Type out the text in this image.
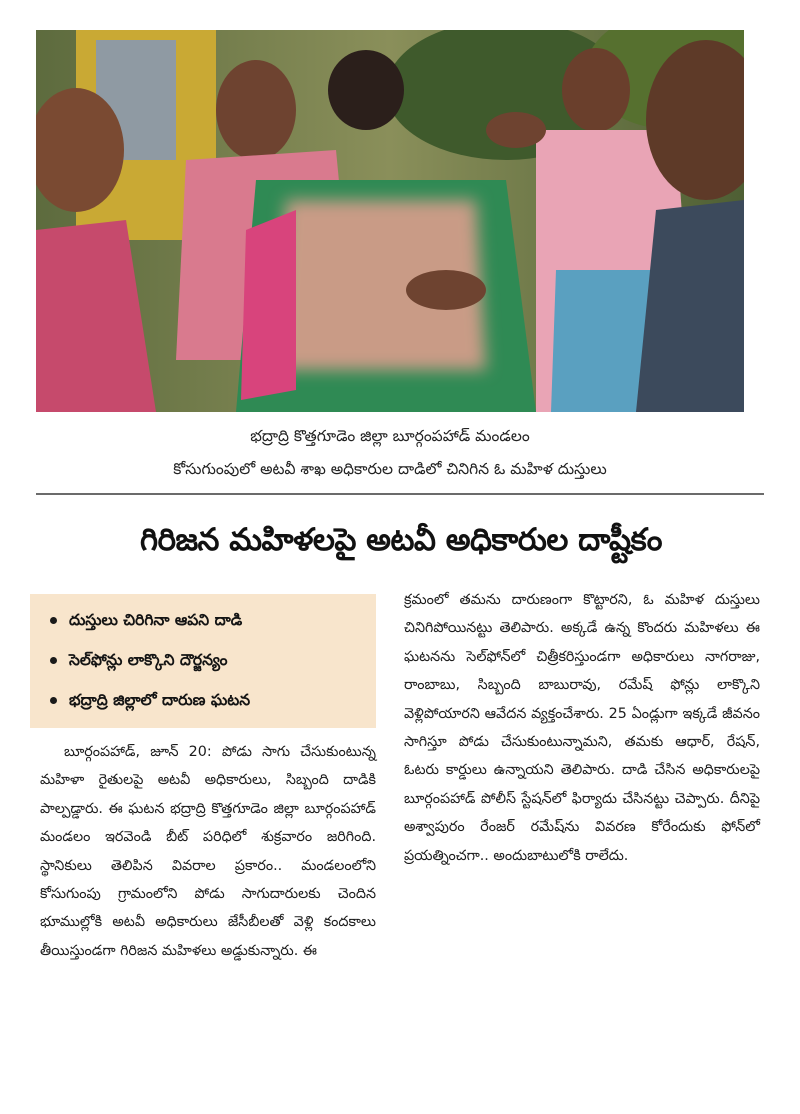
భద్రాద్రి కొత్తగూడెం జిల్లా బూర్గంపహాడ్ మండలం
కోసుగుంపులో అటవీ శాఖ అధికారుల దాడిలో చినిగిన ఓ మహిళ దుస్తులు
గిరిజన మహిళలపై అటవీ అధికారుల దాష్టీకం
దుస్తులు చిరిగినా ఆపని దాడి
సెల్‌ఫోన్లు లాక్కొని దౌర్జన్యం
భద్రాద్రి జిల్లాలో దారుణ ఘటన
బూర్గంపహాడ్, జూన్ 20: పోడు సాగు చేసుకుంటున్న మహిళా రైతులపై అటవీ అధికారులు, సిబ్బంది దాడికి పాల్పడ్డారు. ఈ ఘటన భద్రాద్రి కొత్తగూడెం జిల్లా బూర్గంపహాడ్ మండలం ఇరవెండి బీట్ పరిధిలో శుక్రవారం జరిగింది. స్థానికులు తెలిపిన వివరాల ప్రకారం.. మండలంలోని కోసుగుంపు గ్రామంలోని పోడు సాగుదారులకు చెందిన భూముల్లోకి అటవీ అధికారులు జేసీబీలతో వెళ్లి కందకాలు తీయిస్తుండగా గిరిజన మహిళలు అడ్డుకున్నారు. ఈ
క్రమంలో తమను దారుణంగా కొట్టారని, ఓ మహిళ దుస్తులు చినిగిపోయినట్టు తెలిపారు. అక్కడే ఉన్న కొందరు మహిళలు ఈ ఘటనను సెల్‌ఫోన్‌లో చిత్రీకరిస్తుండగా అధికారులు నాగరాజు, రాంబాబు, సిబ్బంది బాబురావు, రమేష్ ఫోన్లు లాక్కొని వెళ్లిపోయారని ఆవేదన వ్యక్తంచేశారు. 25 ఏండ్లుగా ఇక్కడే జీవనం సాగిస్తూ పోడు చేసుకుంటున్నామని, తమకు ఆధార్, రేషన్, ఓటరు కార్డులు ఉన్నాయని తెలిపారు. దాడి చేసిన అధికారులపై బూర్గంపహాడ్ పోలీస్ స్టేషన్‌లో ఫిర్యాదు చేసినట్టు చెప్పారు. దీనిపై అశ్వాపురం రేంజర్ రమేష్‌ను వివరణ కోరేందుకు ఫోన్‌లో ప్రయత్నించగా.. అందుబాటులోకి రాలేదు.
